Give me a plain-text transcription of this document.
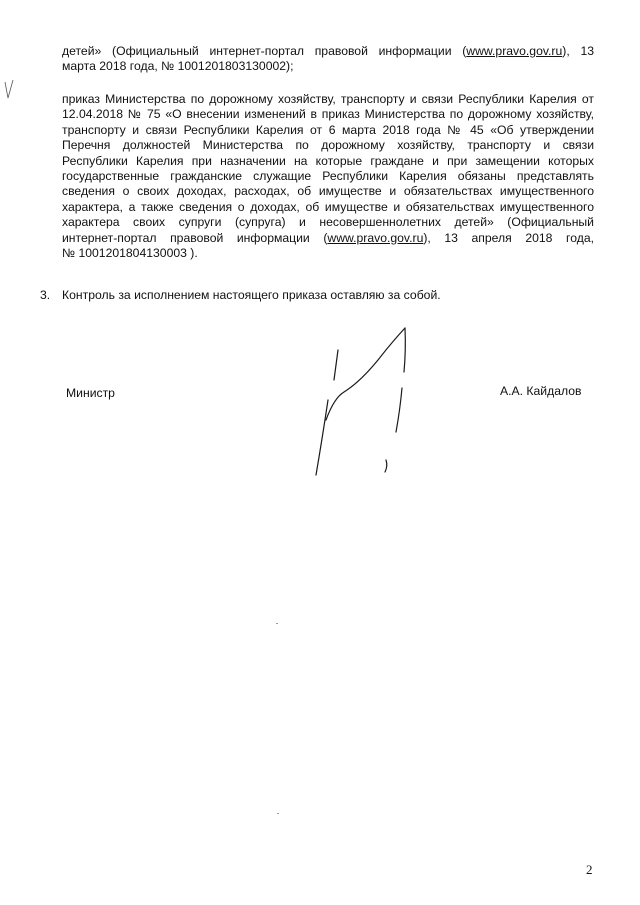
детей» (Официальный интернет-портал правовой информации (www.pravo.gov.ru), 13
марта 2018 года, № 1001201803130002);
приказ Министерства по дорожному хозяйству, транспорту и связи Республики Карелия от
12.04.2018 № 75 «О внесении изменений в приказ Министерства по дорожному хозяйству,
транспорту и связи Республики Карелия от 6 марта 2018 года № 45 «Об утверждении
Перечня должностей Министерства по дорожному хозяйству, транспорту и связи
Республики Карелия при назначении на которые граждане и при замещении которых
государственные гражданские служащие Республики Карелия обязаны представлять
сведения о своих доходах, расходах, об имуществе и обязательствах имущественного
характера, а также сведения о доходах, об имуществе и обязательствах имущественного
характера своих супруги (супруга) и несовершеннолетних детей» (Официальный
интернет-портал правовой информации (www.pravo.gov.ru), 13 апреля 2018 года,
№ 1001201804130003 ).
3. Контроль за исполнением настоящего приказа оставляю за собой.
Министр	А.А. Кайдалов
2
